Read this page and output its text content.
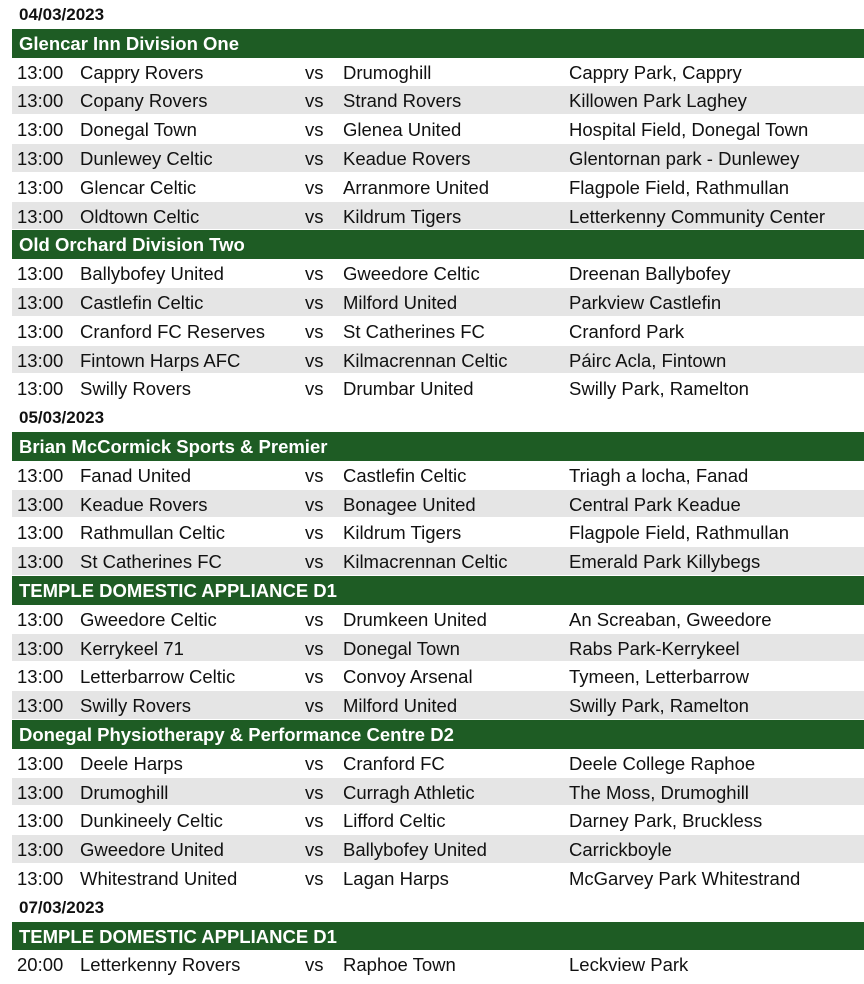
04/03/2023
Glencar Inn Division One
13:00 Cappry Rovers	vs Drumoghill	Cappry Park, Cappry
13:00 Copany Rovers	vs Strand Rovers	Killowen Park Laghey
13:00 Donegal Town	vs Glenea United	Hospital Field, Donegal Town
13:00 Dunlewey Celtic	vs Keadue Rovers	Glentornan park - Dunlewey
13:00 Glencar Celtic	vs Arranmore United	Flagpole Field, Rathmullan
13:00 Oldtown Celtic	vs Kildrum Tigers	Letterkenny Community Center
Old Orchard Division Two
13:00 Ballybofey United	vs Gweedore Celtic	Dreenan Ballybofey
13:00 Castlefin Celtic	vs Milford United	Parkview Castlefin
13:00 Cranford FC Reserves vs St Catherines FC	Cranford Park
13:00 Fintown Harps AFC	vs Kilmacrennan Celtic	Páirc Acla, Fintown
13:00 Swilly Rovers	vs Drumbar United	Swilly Park, Ramelton
05/03/2023
Brian McCormick Sports & Premier
13:00 Fanad United	vs Castlefin Celtic	Triagh a locha, Fanad
13:00 Keadue Rovers	vs Bonagee United	Central Park Keadue
13:00 Rathmullan Celtic	vs Kildrum Tigers	Flagpole Field, Rathmullan
13:00 St Catherines FC	vs Kilmacrennan Celtic	Emerald Park Killybegs
TEMPLE DOMESTIC APPLIANCE D1
13:00 Gweedore Celtic	vs Drumkeen United	An Screaban, Gweedore
13:00 Kerrykeel 71	vs Donegal Town	Rabs Park-Kerrykeel
13:00 Letterbarrow Celtic	vs Convoy Arsenal	Tymeen, Letterbarrow
13:00 Swilly Rovers	vs Milford United	Swilly Park, Ramelton
Donegal Physiotherapy & Performance Centre D2
13:00 Deele Harps	vs Cranford FC	Deele College Raphoe
13:00 Drumoghill	vs Curragh Athletic	The Moss, Drumoghill
13:00 Dunkineely Celtic	vs Lifford Celtic	Darney Park, Bruckless
13:00 Gweedore United	vs Ballybofey United	Carrickboyle
13:00 Whitestrand United	vs Lagan Harps	McGarvey Park Whitestrand
07/03/2023
TEMPLE DOMESTIC APPLIANCE D1
20:00 Letterkenny Rovers	vs Raphoe Town	Leckview Park
